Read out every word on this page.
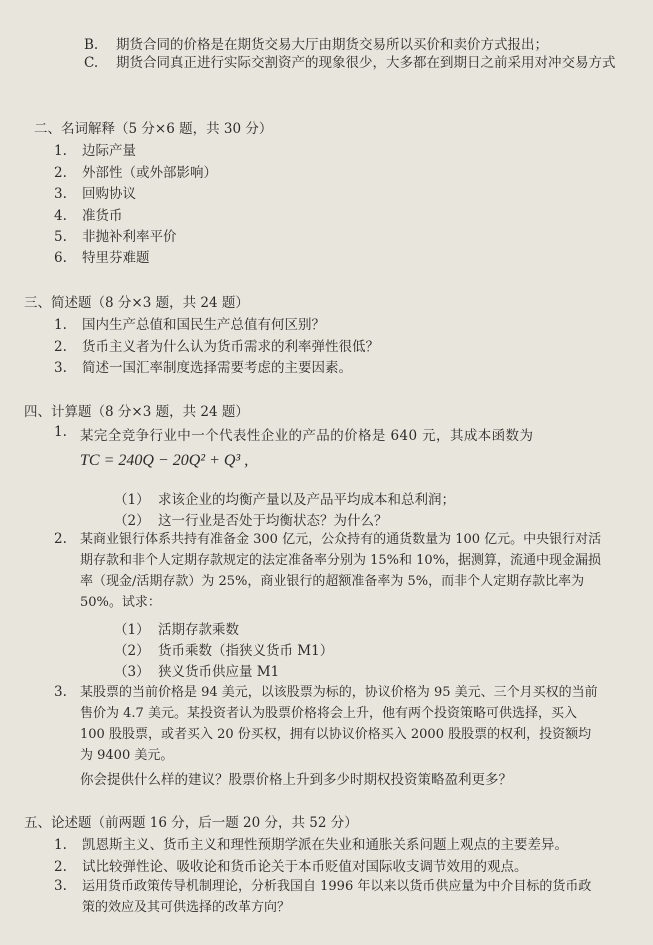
B. 期货合同的价格是在期货交易大厅由期货交易所以买价和卖价方式报出；
C.	期货合同真正进行实际交割资产的现象很少，大多都在到期日之前采用对冲交易方式
二、名词解释（5 分×6 题，共 30 分）
1. 边际产量
2. 外部性（或外部影响）
3. 回购协议
4. 准货币
5. 非抛补利率平价
6. 特里芬难题
三、简述题（8 分×3 题，共 24 题）
1. 国内生产总值和国民生产总值有何区别？
2. 货币主义者为什么认为货币需求的利率弹性很低？
3. 简述一国汇率制度选择需要考虑的主要因素。
四、计算题（8 分×3 题，共 24 题）
1. 某完全竞争行业中一个代表性企业的产品的价格是 640 元，其成本函数为
TC = 240Q − 20Q² + Q³ ,
（1） 求该企业的均衡产量以及产品平均成本和总利润；
（2） 这一行业是否处于均衡状态？为什么？
2. 某商业银行体系共持有准备金 300 亿元，公众持有的通货数量为 100 亿元。中央银行对活期存款和非个人定期存款规定的法定准备率分别为 15%和 10%，据测算，流通中现金漏损率（现金/活期存款）为 25%，商业银行的超额准备率为 5%，而非个人定期存款比率为 50%。试求：
（1） 活期存款乘数
（2） 货币乘数（指狭义货币 M1）
（3） 狭义货币供应量 M1
3. 某股票的当前价格是 94 美元，以该股票为标的，协议价格为 95 美元、三个月买权的当前售价为 4.7 美元。某投资者认为股票价格将会上升，他有两个投资策略可供选择，买入 100 股股票，或者买入 20 份买权，拥有以协议价格买入 2000 股股票的权利，投资额均为 9400 美元。
你会提供什么样的建议？股票价格上升到多少时期权投资策略盈利更多？
五、论述题（前两题 16 分，后一题 20 分，共 52 分）
1. 凯恩斯主义、货币主义和理性预期学派在失业和通胀关系问题上观点的主要差异。
2. 试比较弹性论、吸收论和货币论关于本币贬值对国际收支调节效用的观点。
3. 运用货币政策传导机制理论，分析我国自 1996 年以来以货币供应量为中介目标的货币政策的效应及其可供选择的改革方向？
